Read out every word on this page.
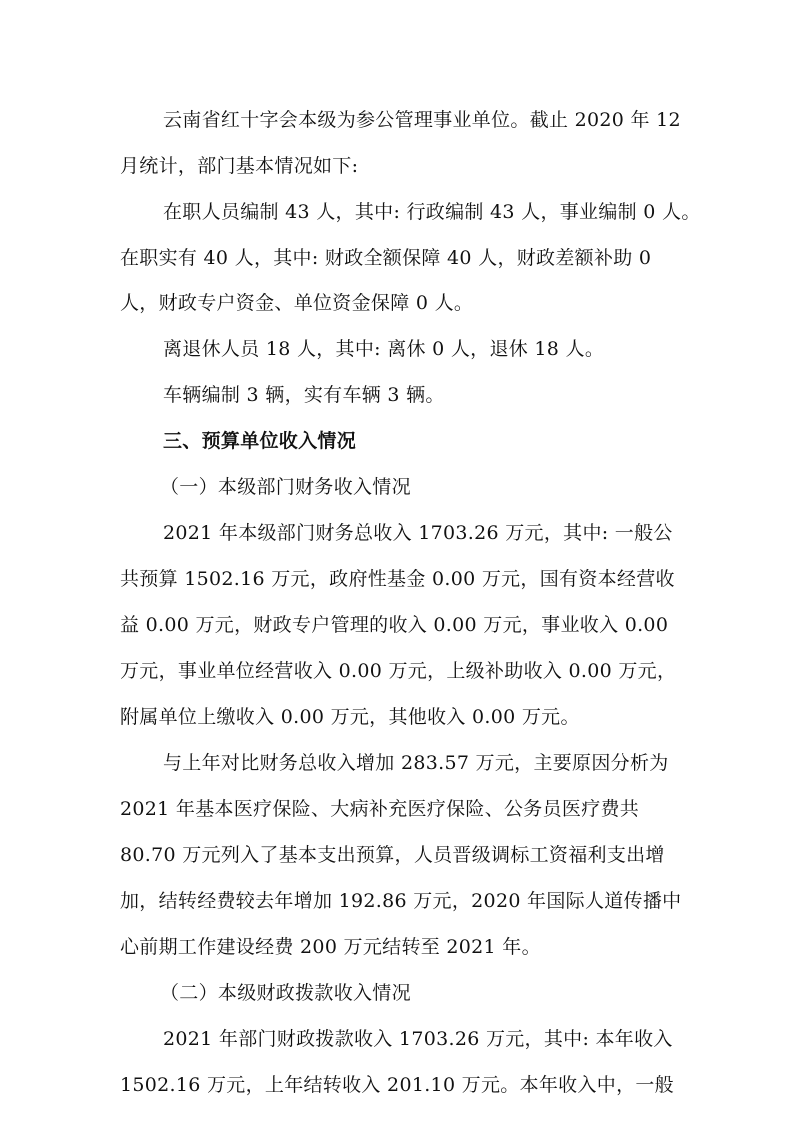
云南省红十字会本级为参公管理事业单位。截止 2020 年 12
月统计，部门基本情况如下:
在职人员编制 43 人，其中: 行政编制 43 人，事业编制 0 人。
在职实有 40 人，其中: 财政全额保障 40 人，财政差额补助 0
人，财政专户资金、单位资金保障 0 人。
离退休人员 18 人，其中: 离休 0 人，退休 18 人。
车辆编制 3 辆，实有车辆 3 辆。
三、预算单位收入情况
（一）本级部门财务收入情况
2021 年本级部门财务总收入 1703.26 万元，其中: 一般公
共预算 1502.16 万元，政府性基金 0.00 万元，国有资本经营收
益 0.00 万元，财政专户管理的收入 0.00 万元，事业收入 0.00
万元，事业单位经营收入 0.00 万元，上级补助收入 0.00 万元，
附属单位上缴收入 0.00 万元，其他收入 0.00 万元。
与上年对比财务总收入增加 283.57 万元，主要原因分析为
2021 年基本医疗保险、大病补充医疗保险、公务员医疗费共
80.70 万元列入了基本支出预算，人员晋级调标工资福利支出增
加，结转经费较去年增加 192.86 万元，2020 年国际人道传播中
心前期工作建设经费 200 万元结转至 2021 年。
（二）本级财政拨款收入情况
2021 年部门财政拨款收入 1703.26 万元，其中: 本年收入
1502.16 万元，上年结转收入 201.10 万元。本年收入中，一般
